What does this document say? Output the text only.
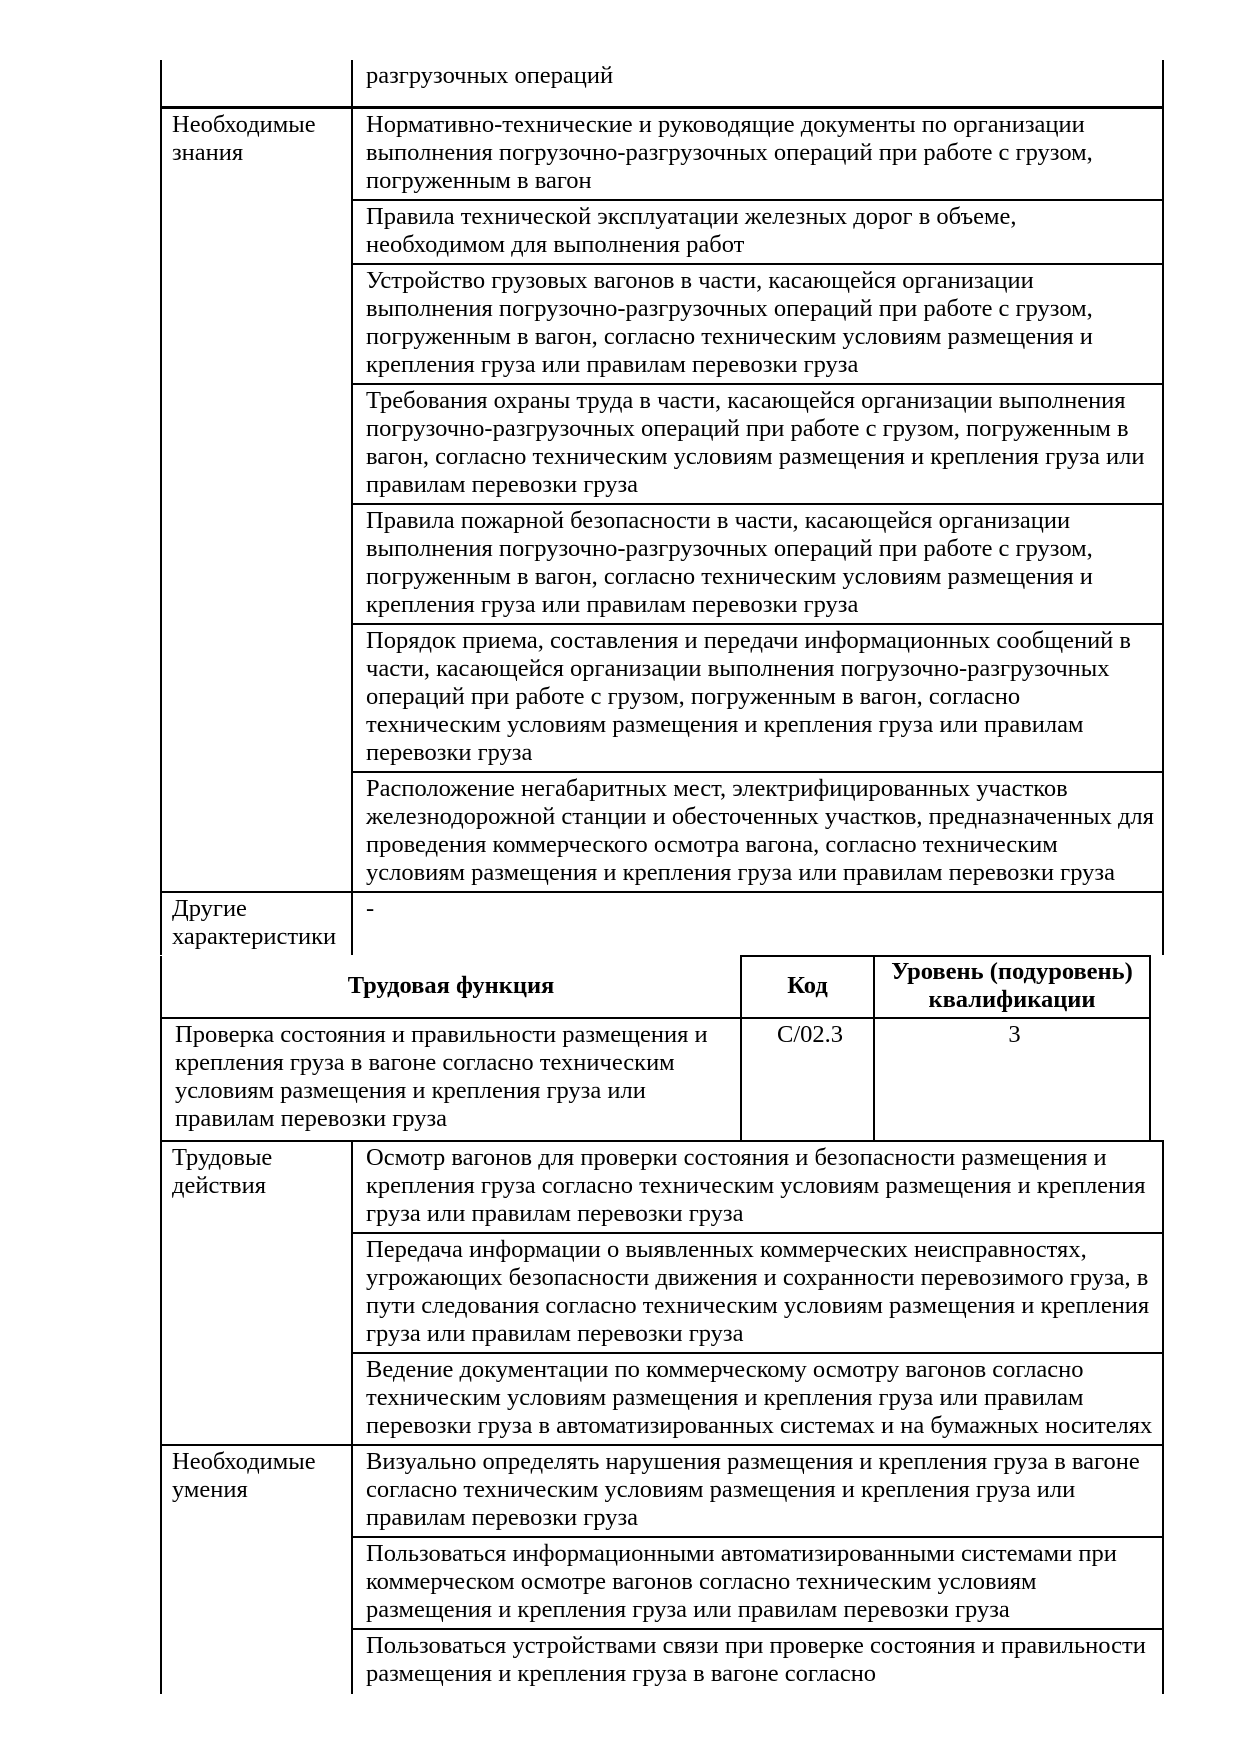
	разгрузочных операций
Необходимые знания	Нормативно-технические и руководящие документы по организации выполнения погрузочно-разгрузочных операций при работе с грузом, погруженным в вагон
	Правила технической эксплуатации железных дорог в объеме, необходимом для выполнения работ
	Устройство грузовых вагонов в части, касающейся организации выполнения погрузочно-разгрузочных операций при работе с грузом, погруженным в вагон, согласно техническим условиям размещения и крепления груза или правилам перевозки груза
	Требования охраны труда в части, касающейся организации выполнения погрузочно-разгрузочных операций при работе с грузом, погруженным в вагон, согласно техническим условиям размещения и крепления груза или правилам перевозки груза
	Правила пожарной безопасности в части, касающейся организации выполнения погрузочно-разгрузочных операций при работе с грузом, погруженным в вагон, согласно техническим условиям размещения и крепления груза или правилам перевозки груза
	Порядок приема, составления и передачи информационных сообщений в части, касающейся организации выполнения погрузочно-разгрузочных операций при работе с грузом, погруженным в вагон, согласно техническим условиям размещения и крепления груза или правилам перевозки груза
	Расположение негабаритных мест, электрифицированных участков железнодорожной станции и обесточенных участков, предназначенных для проведения коммерческого осмотра вагона, согласно техническим условиям размещения и крепления груза или правилам перевозки груза
Другие характеристики	-
Трудовая функция	Код	Уровень (подуровень) квалификации
Проверка состояния и правильности размещения и крепления груза в вагоне согласно техническим условиям размещения и крепления груза или правилам перевозки груза	С/02.3	3
Трудовые действия	Осмотр вагонов для проверки состояния и безопасности размещения и крепления груза согласно техническим условиям размещения и крепления груза или правилам перевозки груза
	Передача информации о выявленных коммерческих неисправностях, угрожающих безопасности движения и сохранности перевозимого груза, в пути следования согласно техническим условиям размещения и крепления груза или правилам перевозки груза
	Ведение документации по коммерческому осмотру вагонов согласно техническим условиям размещения и крепления груза или правилам перевозки груза в автоматизированных системах и на бумажных носителях
Необходимые умения	Визуально определять нарушения размещения и крепления груза в вагоне согласно техническим условиям размещения и крепления груза или правилам перевозки груза
	Пользоваться информационными автоматизированными системами при коммерческом осмотре вагонов согласно техническим условиям размещения и крепления груза или правилам перевозки груза
	Пользоваться устройствами связи при проверке состояния и правильности размещения и крепления груза в вагоне согласно
